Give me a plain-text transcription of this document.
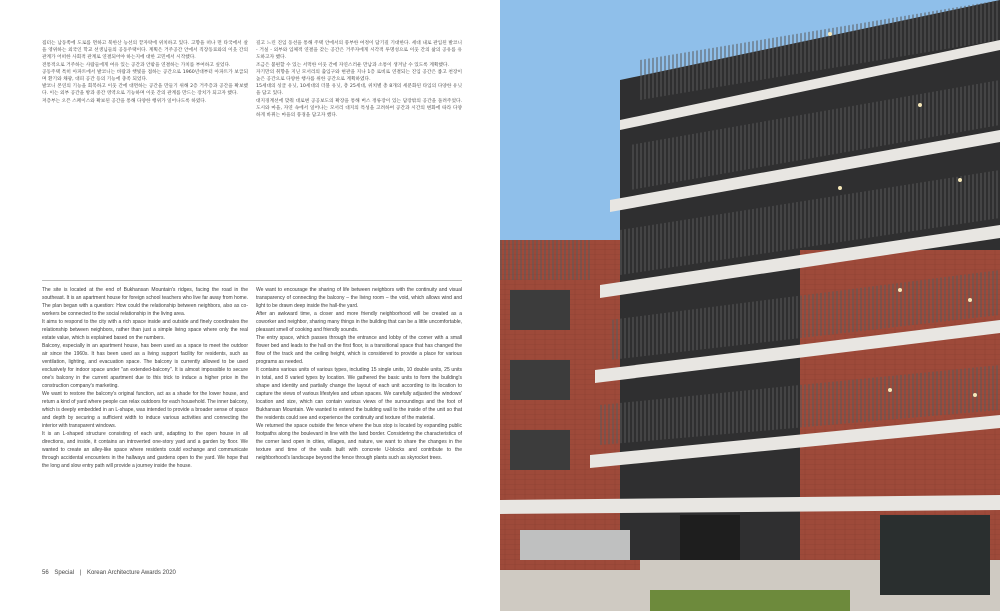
집터는 남동쪽에 도로를 면하고 북한산 능선의 끝자락에 위치하고 있다. 고향을 떠나 먼 타국에서 살을 영위하는 외국인 학교 선생님들의 공동주택이다. 계획은 거주공간 안에서 직장동료와의 이웃 간의 관계가 어떠한 사회적 관계로 연결되어야 하는지에 대한 고민에서 시작했다.

전통적으로 거주하는 사람들에게 여유 있는 공간과 안팎을 연결하는 가치를 부여하고 싶었다.

공동주택 특히 아파트에서 발코니는 바람과 햇빛을 접하는 공간으로 1960년대부터 아파트가 보급되며 환기와 채광, 대피 공간 등의 기능에 충족 되었다.

발코니 본연의 기능을 회복하고 이웃 간에 대면하는 공간을 만들기 위해 2층 거주층과 공간을 확보했다. 이는 외부 공간을 방과 중간 영역으로 기능하며 이웃 간의 관계를 만드는 장치가 되고자 했다.

저층부는 오픈 스페이스와 확보된 공간을 통해 다양한 행위가 일어나도록 하였다.

길고 느린 진입 동선을 통해 주택 안에서의 풍부한 여정이 담기길 기대한다. 세대 내로 관입된 발코니 - 거실 - 외부와 입체적 연결을 갖는 공간은 거주자에게 시각적 투명성으로 이웃 간의 삶의 공유를 유도하고자 했다.

조금은 불편할 수 있는 서먹한 이웃 간에 자연스러운 만남과 소통이 생겨날 수 있도록 계획했다.

자기만의 취향을 지닌 모서리의 출입구와 현관을 지나 1층 로비로 연결되는 진입 공간은 좁고 천장이 높은 공간으로 다양한 행사를 위한 공간으로 계획하였다.

15세대의 싱글 유닛, 10세대의 더블 유닛, 총 25세대, 위치별 총 8개의 세분화된 타입의 다양한 유닛을 담고 있다.

대지경계선에 맞춰 대로변 공공보도의 확장을 통해 버스 정류장이 있는 담장밖의 공간을 돌려주었다. 도시와 마을, 자연 속에서 일어나는 모서리 대지의 특성을 고려하여 공간과 시간의 변화에 따라 다양하게 바뀌는 마을의 풍경을 담고자 했다.

The site is located at the end of Bukhansan Mountain's ridges, facing the road in the southeast. It is an apartment house for foreign school teachers who live far away from home. The plan began with a question: How could the relationship between neighbors, also as co-workers be connected to the social relationship in the living area.

It aims to respond to the city with a rich space inside and outside and finely coordinates the relationship between neighbors, rather than just a simple living space where only the real estate value, which is explained based on the numbers.

Balcony, especially in an apartment house, has been used as a space to meet the outdoor air since the 1960s. It has been used as a living support facility for residents, such as ventilation, lighting, and evacuation space. The balcony is currently allowed to be used exclusively for indoor space under "an extended-balcony". It is almost impossible to secure one's balcony in the current apartment due to this trick to induce a higher price in the construction company's marketing.

We want to restore the balcony's original function, act as a shade for the lower house, and return a kind of yard where people can relax outdoors for each household. The inner balcony, which is deeply embedded in an L-shape, was intended to provide a broader sense of space and depth by securing a sufficient width to induce various activities and connecting the interior with transparent windows.

It is an L-shaped structure consisting of each unit, adapting to the open house in all directions, and inside, it contains an introverted one-story yard and a garden by floor. We wanted to create an alley-like space where residents could exchange and communicate through accidental encounters in the hallways and gardens open to the yard. We hope that the long and slow entry path will provide a journey inside the house.

We want to encourage the sharing of life between neighbors with the continuity and visual transparency of connecting the balcony – the living room – the void, which allows wind and light to be drawn deep inside the hall-the yard.

After an awkward time, a closer and more friendly neighborhood will be created as a coworker and neighbor, sharing many things in the building that can be a little uncomfortable, pleasant smell of cooking and friendly sounds.

The entry space, which passes through the entrance and lobby of the corner with a small flower bed and leads to the hall on the first floor, is a transitional space that has changed the flow of the track and the ceiling height, which is considered to provide a place for various programs as needed.

It contains various units of various types, including 15 single units, 10 double units, 25 units in total, and 8 varied types by location. We gathered the basic units to form the building's shape and identity and partially change the layout of each unit according to its location to capture the views of various lifestyles and urban spaces. We carefully adjusted the windows' location and size, which can contain various views of the surroundings and the foot of Bukhansan Mountain. We wanted to extend the building wall to the inside of the unit so that the residents could see and experience the continuity and texture of the material.

We returned the space outside the fence where the bus stop is located by expanding public footpaths along the boulevard in line with the land border. Considering the characteristics of the corner land open in cities, villages, and nature, we want to share the changes in the texture and time of the walls built with concrete U-blocks and contribute to the neighborhood's landscape beyond the fence through plants such as skyrocket trees.

56 Special | Korean Architecture Awards 2020
